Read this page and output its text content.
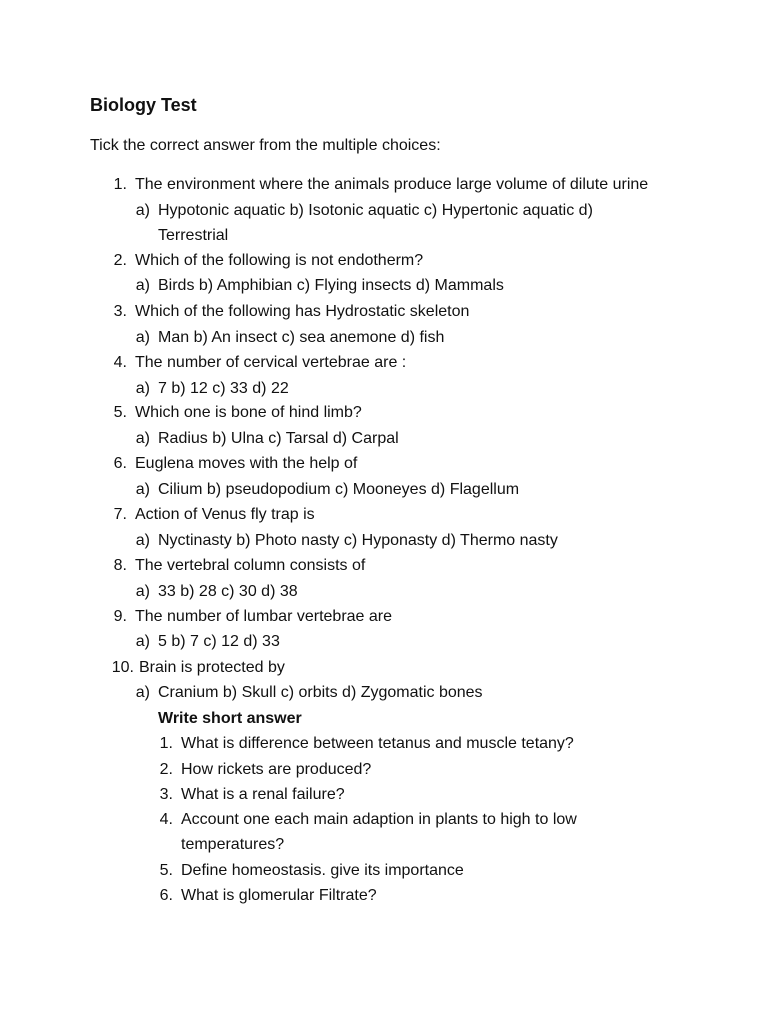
Biology Test
Tick the correct answer from the multiple choices:
1. The environment where the animals produce large volume of dilute urine
a) Hypotonic aquatic b) Isotonic aquatic c) Hypertonic aquatic d)
Terrestrial
2. Which of the following is not endotherm?
a) Birds b) Amphibian c) Flying insects d) Mammals
3. Which of the following has Hydrostatic skeleton
a) Man b) An insect c) sea anemone d) fish
4. The number of cervical vertebrae are :
a) 7 b) 12 c) 33 d) 22
5. Which one is bone of hind limb?
a) Radius b) Ulna c) Tarsal d) Carpal
6. Euglena moves with the help of
a) Cilium b) pseudopodium c) Mooneyes d) Flagellum
7. Action of Venus fly trap is
a) Nyctinasty b) Photo nasty c) Hyponasty d) Thermo nasty
8. The vertebral column consists of
a) 33 b) 28 c) 30 d) 38
9. The number of lumbar vertebrae are
a) 5 b) 7 c) 12 d) 33
10. Brain is protected by
a) Cranium b) Skull c) orbits d) Zygomatic bones
Write short answer
1. What is difference between tetanus and muscle tetany?
2. How rickets are produced?
3. What is a renal failure?
4. Account one each main adaption in plants to high to low
temperatures?
5. Define homeostasis. give its importance
6. What is glomerular Filtrate?
